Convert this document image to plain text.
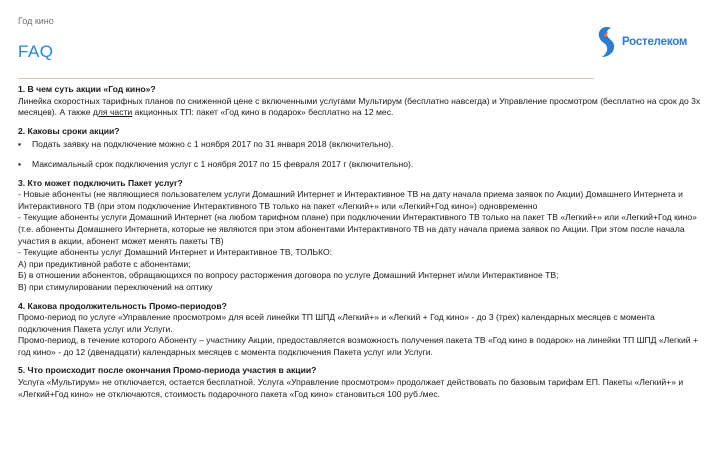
Год кино
FAQ	Ростелеком
1. В чем суть акции «Год кино»?

Линейка скоростных тарифных планов по сниженной цене с включенными услугами Мультирум (бесплатно навсегда) и Управление просмотром (бесплатно на срок до 3х месяцев). А также для части акционных ТП: пакет «Год кино в подарок» бесплатно на 12 мес.

2. Каковы сроки акции?
▪	Подать заявку на подключение можно с 1 ноября 2017 по 31 января 2018 (включительно).
▪	Максимальный срок подключения услуг с 1 ноября 2017 по 15 февраля 2017 г (включительно).
3. Кто может подключить Пакет услуг?

- Новые абоненты (не являющиеся пользователем услуги Домашний Интернет и Интерактивное ТВ на дату начала приема заявок по Акции) Домашнего Интернета и Интерактивного ТВ (при этом подключение Интерактивного ТВ только на пакет «Легкий+» или «Легкий+Год кино») одновременно

- Текущие абоненты услуги Домашний Интернет (на любом тарифном плане) при подключении Интерактивного ТВ только на пакет ТВ «Легкий+» или «Легкий+Год кино» (т.е. абоненты Домашнего Интернета, которые не являются при этом абонентами Интерактивного ТВ на дату начала приема заявок по Акции. При этом после начала участия в акции, абонент может менять пакеты ТВ)

- Текущие абоненты услуг Домашний Интернет и Интерактивное ТВ, ТОЛЬКО:

А) при предиктивной работе с абонентами;

Б) в отношении абонентов, обращающихся по вопросу расторжения договора по услуге Домашний Интернет и/или Интерактивное ТВ;

В) при стимулировании переключений на оптику

4. Какова продолжительность Промо-периодов?

Промо-период по услуге «Управление просмотром» для всей линейки ТП ШПД «Легкий+» и «Легкий + Год кино» - до 3 (трех) календарных месяцев с момента подключения Пакета услуг или Услуги.

Промо-период, в течение которого Абоненту – участнику Акции, предоставляется возможность получения пакета ТВ «Год кино в подарок» на линейки ТП ШПД «Легкий + год кино» - до 12 (двенадцати) календарных месяцев с момента подключения Пакета услуг или Услуги.

5. Что происходит после окончания Промо-периода участия в акции?

Услуга «Мультирум» не отключается, остается бесплатной. Услуга «Управление просмотром» продолжает действовать по базовым тарифам ЕП. Пакеты «Легкий+» и «Легкий+Год кино» не отключаются, стоимость подарочного пакета «Год кино» становиться 100 руб./мес.
